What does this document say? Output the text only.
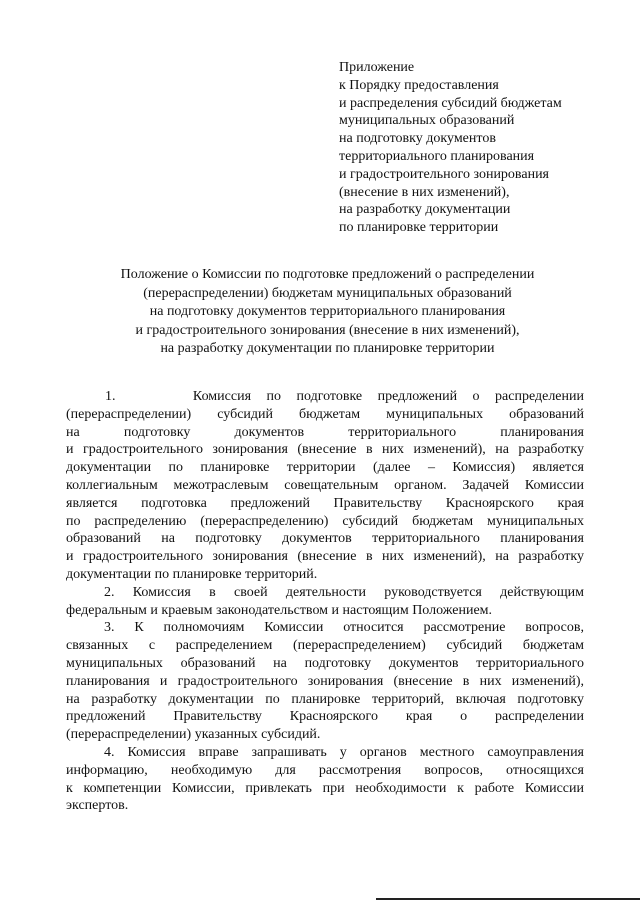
Приложение
к Порядку предоставления
и распределения субсидий бюджетам
муниципальных образований
на подготовку документов
территориального планирования
и градостроительного зонирования
(внесение в них изменений),
на разработку документации
по планировке территории
Положение о Комиссии по подготовке предложений о распределении
(перераспределении) бюджетам муниципальных образований
на подготовку документов территориального планирования
и градостроительного зонирования (внесение в них изменений),
на разработку документации по планировке территории
1.     Комиссия по подготовке предложений о распределении
(перераспределении) субсидий бюджетам муниципальных образований
на подготовку документов территориального планирования
и градостроительного зонирования (внесение в них изменений), на разработку
документации по планировке территории (далее – Комиссия) является
коллегиальным межотраслевым совещательным органом. Задачей Комиссии
является подготовка предложений Правительству Красноярского края
по распределению (перераспределению) субсидий бюджетам муниципальных
образований на подготовку документов территориального планирования
и градостроительного зонирования (внесение в них изменений), на разработку
документации по планировке территорий.
2. Комиссия в своей деятельности руководствуется действующим
федеральным и краевым законодательством и настоящим Положением.
3. К полномочиям Комиссии относится рассмотрение вопросов,
связанных с распределением (перераспределением) субсидий бюджетам
муниципальных образований на подготовку документов территориального
планирования и градостроительного зонирования (внесение в них изменений),
на разработку документации по планировке территорий, включая подготовку
предложений Правительству Красноярского края о распределении
(перераспределении) указанных субсидий.
4. Комиссия вправе запрашивать у органов местного самоуправления
информацию, необходимую для рассмотрения вопросов, относящихся
к компетенции Комиссии, привлекать при необходимости к работе Комиссии
экспертов.
